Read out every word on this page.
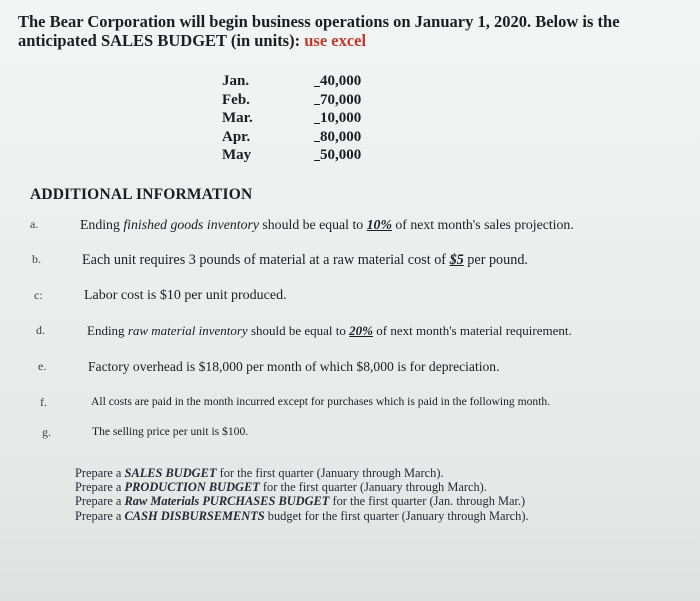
The Bear Corporation will begin business operations on January 1, 2020. Below is the
anticipated SALES BUDGET (in units): use excel
Jan.	40,000
Feb.	70,000
Mar.	10,000
Apr.	80,000
May	50,000
ADDITIONAL INFORMATION
a.	Ending finished goods inventory should be equal to 10% of next month's sales projection.
b.	Each unit requires 3 pounds of material at a raw material cost of $5 per pound.
c:	Labor cost is $10 per unit produced.
d.	Ending raw material inventory should be equal to 20% of next month's material requirement.
e.	Factory overhead is $18,000 per month of which $8,000 is for depreciation.
f.	All costs are paid in the month incurred except for purchases which is paid in the following month.
g.	The selling price per unit is $100.
Prepare a SALES BUDGET for the first quarter (January through March).
Prepare a PRODUCTION BUDGET for the first quarter (January through March).
Prepare a Raw Materials PURCHASES BUDGET for the first quarter (Jan. through Mar.)
Prepare a CASH DISBURSEMENTS budget for the first quarter (January through March).
